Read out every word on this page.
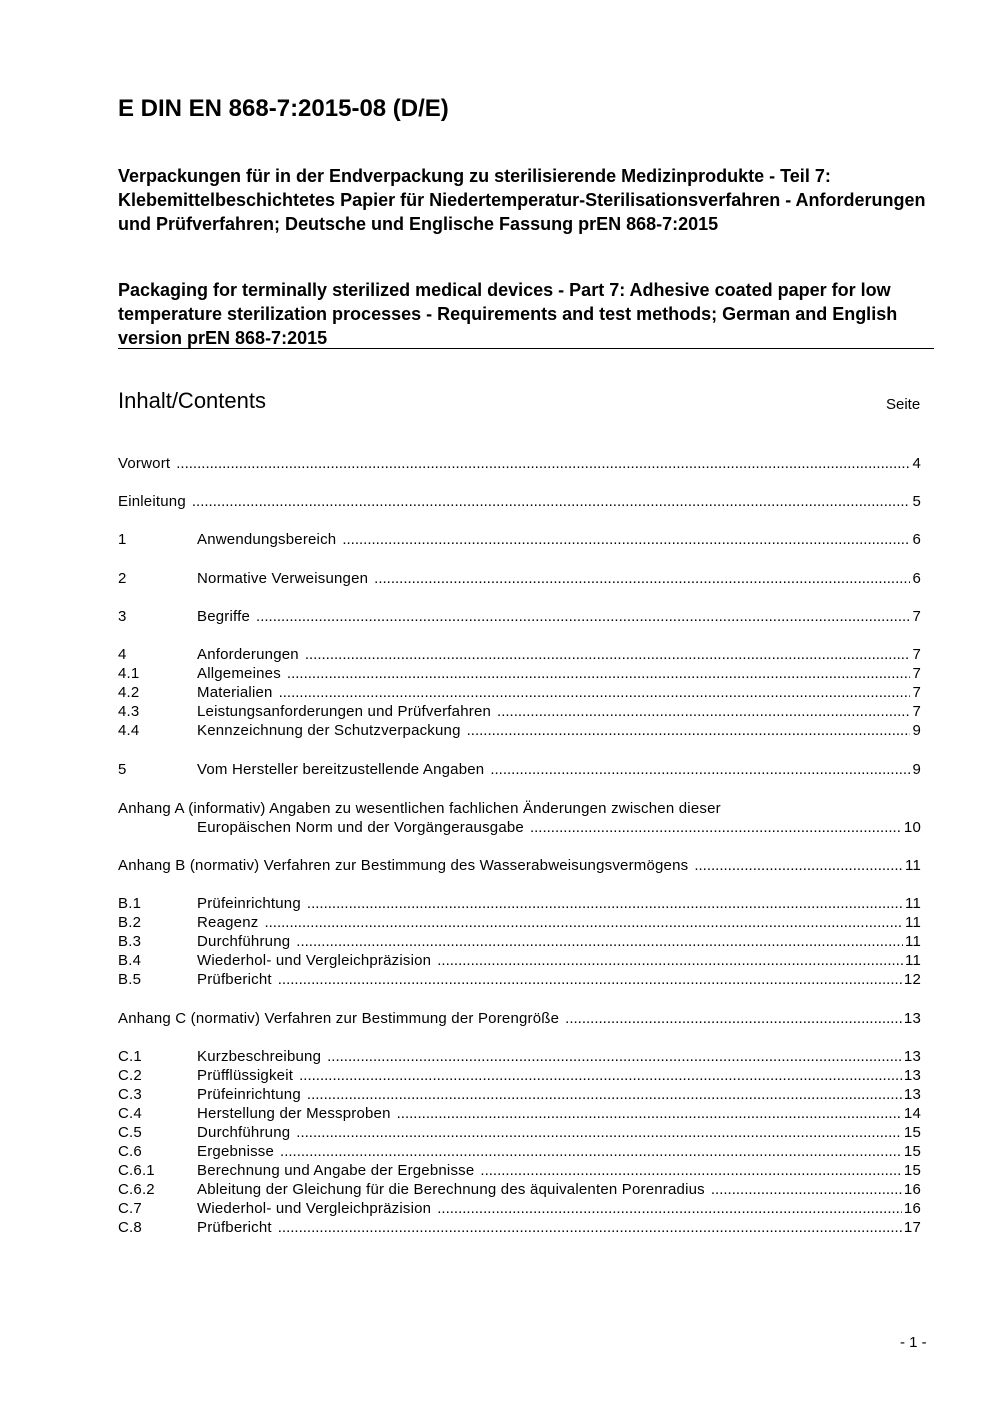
E DIN EN 868-7:2015-08 (D/E)
Verpackungen für in der Endverpackung zu sterilisierende Medizinprodukte - Teil 7: Klebemittelbeschichtetes Papier für Niedertemperatur-Sterilisationsverfahren - Anforderungen und Prüfverfahren; Deutsche und Englische Fassung prEN 868-7:2015
Packaging for terminally sterilized medical devices - Part 7: Adhesive coated paper for low temperature sterilization processes - Requirements and test methods; German and English version prEN 868-7:2015
Inhalt/Contents	Seite
Vorwort .....	4
Einleitung .....	5
1	Anwendungsbereich .....	6
2	Normative Verweisungen .....	6
3	Begriffe .....	7
4	Anforderungen .....	7
4.1	Allgemeines .....	7
4.2	Materialien .....	7
4.3	Leistungsanforderungen und Prüfverfahren .....	7
4.4	Kennzeichnung der Schutzverpackung .....	9
5	Vom Hersteller bereitzustellende Angaben .....	9
Anhang A (informativ) Angaben zu wesentlichen fachlichen Änderungen zwischen dieser
Europäischen Norm und der Vorgängerausgabe .....	10
Anhang B (normativ) Verfahren zur Bestimmung des Wasserabweisungsvermögens .....	11
B.1	Prüfeinrichtung .....	11
B.2	Reagenz .....	11
B.3	Durchführung .....	11
B.4	Wiederhol- und Vergleichpräzision .....	11
B.5	Prüfbericht .....	12
Anhang C (normativ) Verfahren zur Bestimmung der Porengröße .....	13
C.1	Kurzbeschreibung .....	13
C.2	Prüfflüssigkeit .....	13
C.3	Prüfeinrichtung .....	13
C.4	Herstellung der Messproben .....	14
C.5	Durchführung .....	15
C.6	Ergebnisse .....	15
C.6.1	Berechnung und Angabe der Ergebnisse .....	15
C.6.2	Ableitung der Gleichung für die Berechnung des äquivalenten Porenradius .....	16
C.7	Wiederhol- und Vergleichpräzision .....	16
C.8	Prüfbericht .....	17
- 1 -
